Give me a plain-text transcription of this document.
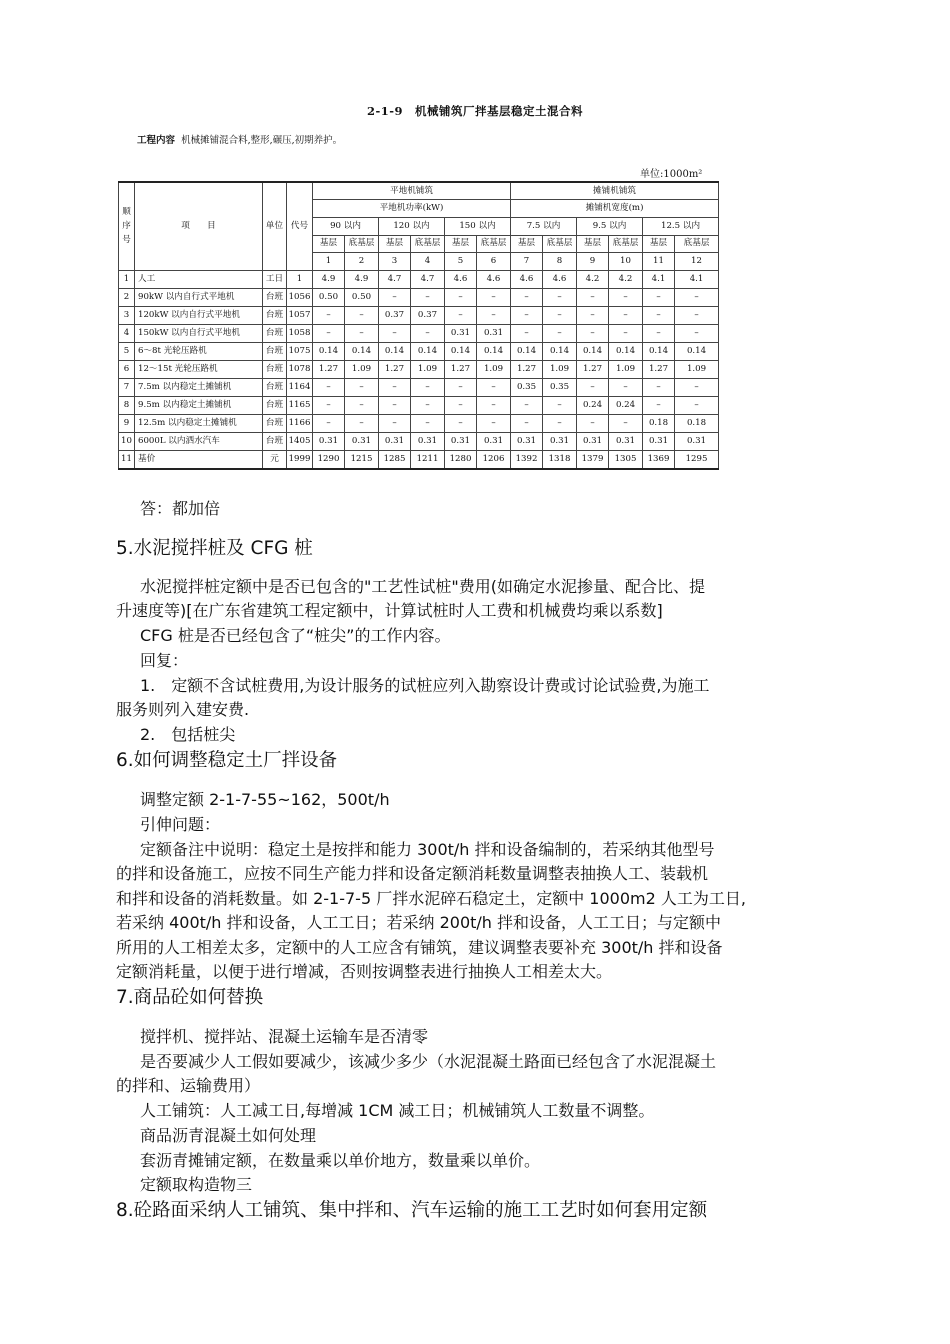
2-1-9　机械铺筑厂拌基层稳定土混合料
工程内容 机械摊铺混合料,整形,碾压,初期养护。
单位:1000m²
顺序号	项　　目	单位	代号	平地机铺筑						摊铺机铺筑					
				平地机功率(kW)						摊铺机宽度(m)					
				90 以内		120 以内		150 以内		7.5 以内		9.5 以内		12.5 以内	
				基层	底基层	基层	底基层	基层	底基层	基层	底基层	基层	底基层	基层	底基层
				1	2	3	4	5	6	7	8	9	10	11	12
1	人工	工日	1	4.9	4.9	4.7	4.7	4.6	4.6	4.6	4.6	4.2	4.2	4.1	4.1
2	90kW 以内自行式平地机	台班	1056	0.50	0.50	–	–	–	–	–	–	–	–	–	–
3	120kW 以内自行式平地机	台班	1057	–	–	0.37	0.37	–	–	–	–	–	–	–	–
4	150kW 以内自行式平地机	台班	1058	–	–	–	–	0.31	0.31	–	–	–	–	–	–
5	6～8t 光轮压路机	台班	1075	0.14	0.14	0.14	0.14	0.14	0.14	0.14	0.14	0.14	0.14	0.14	0.14
6	12～15t 光轮压路机	台班	1078	1.27	1.09	1.27	1.09	1.27	1.09	1.27	1.09	1.27	1.09	1.27	1.09
7	7.5m 以内稳定土摊铺机	台班	1164	–	–	–	–	–	–	0.35	0.35	–	–	–	–
8	9.5m 以内稳定土摊铺机	台班	1165	–	–	–	–	–	–	–	–	0.24	0.24	–	–
9	12.5m 以内稳定土摊铺机	台班	1166	–	–	–	–	–	–	–	–	–	–	0.18	0.18
10	6000L 以内洒水汽车	台班	1405	0.31	0.31	0.31	0.31	0.31	0.31	0.31	0.31	0.31	0.31	0.31	0.31
11	基价	元	1999	1290	1215	1285	1211	1280	1206	1392	1318	1379	1305	1369	1295
答：都加倍
5.水泥搅拌桩及 CFG 桩
水泥搅拌桩定额中是否已包含的"工艺性试桩"费用(如确定水泥掺量、配合比、提
升速度等)[在广东省建筑工程定额中，计算试桩时人工费和机械费均乘以系数]
CFG 桩是否已经包含了“桩尖”的工作内容。
回复：
1.　定额不含试桩费用,为设计服务的试桩应列入勘察设计费或讨论试验费,为施工
服务则列入建安费.
2.　包括桩尖
6.如何调整稳定土厂拌设备
调整定额 2-1-7-55~162，500t/h
引伸问题：
定额备注中说明：稳定土是按拌和能力 300t/h 拌和设备编制的，若采纳其他型号
的拌和设备施工，应按不同生产能力拌和设备定额消耗数量调整表抽换人工、装载机
和拌和设备的消耗数量。如 2-1-7-5 厂拌水泥碎石稳定土，定额中 1000m2 人工为工日,
若采纳 400t/h 拌和设备，人工工日；若采纳 200t/h 拌和设备，人工工日；与定额中
所用的人工相差太多，定额中的人工应含有铺筑，建议调整表要补充 300t/h 拌和设备
定额消耗量，以便于进行增减，否则按调整表进行抽换人工相差太大。
7.商品砼如何替换
搅拌机、搅拌站、混凝土运输车是否清零
是否要减少人工假如要减少，该减少多少（水泥混凝土路面已经包含了水泥混凝土
的拌和、运输费用）
人工铺筑：人工减工日,每增减 1CM 减工日；机械铺筑人工数量不调整。
商品沥青混凝土如何处理
套沥青摊铺定额，在数量乘以单价地方，数量乘以单价。
定额取构造物三
8.砼路面采纳人工铺筑、集中拌和、汽车运输的施工工艺时如何套用定额
